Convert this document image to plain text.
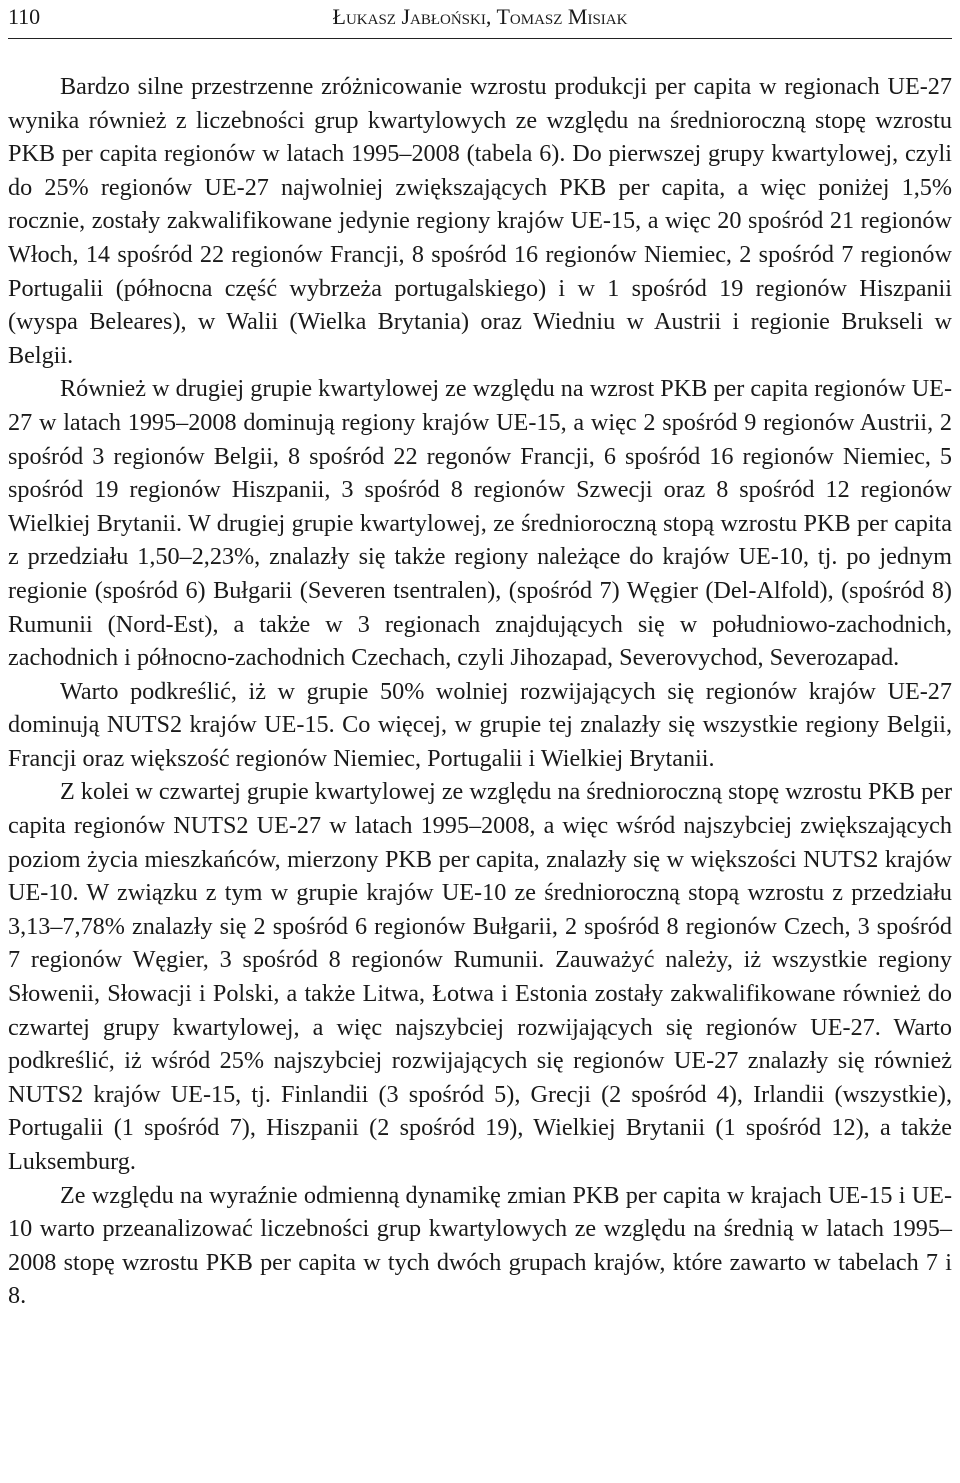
110	Łukasz Jabłoński, Tomasz Misiak

Bardzo silne przestrzenne zróżnicowanie wzrostu produkcji per capita w regionach UE-27 wynika również z liczebności grup kwartylowych ze względu na średnioroczną stopę wzrostu PKB per capita regionów w latach 1995–2008 (tabela 6). Do pierwszej grupy kwartylowej, czyli do 25% regionów UE-27 najwolniej zwiększających PKB per capita, a więc poniżej 1,5% rocznie, zostały zakwalifikowane jedynie regiony krajów UE-15, a więc 20 spośród 21 regionów Włoch, 14 spośród 22 regionów Francji, 8 spośród 16 regionów Niemiec, 2 spośród 7 regionów Portugalii (północna część wybrzeża portugalskiego) i w 1 spośród 19 regionów Hiszpanii (wyspa Beleares), w Walii (Wielka Brytania) oraz Wiedniu w Austrii i regionie Brukseli w Belgii.

Również w drugiej grupie kwartylowej ze względu na wzrost PKB per capita regionów UE-27 w latach 1995–2008 dominują regiony krajów UE-15, a więc 2 spośród 9 regionów Austrii, 2 spośród 3 regionów Belgii, 8 spośród 22 regonów Francji, 6 spośród 16 regionów Niemiec, 5 spośród 19 regionów Hiszpanii, 3 spośród 8 regionów Szwecji oraz 8 spośród 12 regionów Wielkiej Brytanii. W drugiej grupie kwartylowej, ze średnioroczną stopą wzrostu PKB per capita z przedziału 1,50–2,23%, znalazły się także regiony należące do krajów UE-10, tj. po jednym regionie (spośród 6) Bułgarii (Severen tsentralen), (spośród 7) Węgier (Del-Alfold), (spośród 8) Rumunii (Nord-Est), a także w 3 regionach znajdujących się w południowo-zachodnich, zachodnich i północno-zachodnich Czechach, czyli Jihozapad, Severovychod, Severozapad.

Warto podkreślić, iż w grupie 50% wolniej rozwijających się regionów krajów UE-27 dominują NUTS2 krajów UE-15. Co więcej, w grupie tej znalazły się wszystkie regiony Belgii, Francji oraz większość regionów Niemiec, Portugalii i Wielkiej Brytanii.

Z kolei w czwartej grupie kwartylowej ze względu na średnioroczną stopę wzrostu PKB per capita regionów NUTS2 UE-27 w latach 1995–2008, a więc wśród najszybciej zwiększających poziom życia mieszkańców, mierzony PKB per capita, znalazły się w większości NUTS2 krajów UE-10. W związku z tym w grupie krajów UE-10 ze średnioroczną stopą wzrostu z przedziału 3,13–7,78% znalazły się 2 spośród 6 regionów Bułgarii, 2 spośród 8 regionów Czech, 3 spośród 7 regionów Węgier, 3 spośród 8 regionów Rumunii. Zauważyć należy, iż wszystkie regiony Słowenii, Słowacji i Polski, a także Litwa, Łotwa i Estonia zostały zakwalifikowane również do czwartej grupy kwartylowej, a więc najszybciej rozwijających się regionów UE-27. Warto podkreślić, iż wśród 25% najszybciej rozwijających się regionów UE-27 znalazły się również NUTS2 krajów UE-15, tj. Finlandii (3 spośród 5), Grecji (2 spośród 4), Irlandii (wszystkie), Portugalii (1 spośród 7), Hiszpanii (2 spośród 19), Wielkiej Brytanii (1 spośród 12), a także Luksemburg.

Ze względu na wyraźnie odmienną dynamikę zmian PKB per capita w krajach UE-15 i UE-10 warto przeanalizować liczebności grup kwartylowych ze względu na średnią w latach 1995–2008 stopę wzrostu PKB per capita w tych dwóch grupach krajów, które zawarto w tabelach 7 i 8.
